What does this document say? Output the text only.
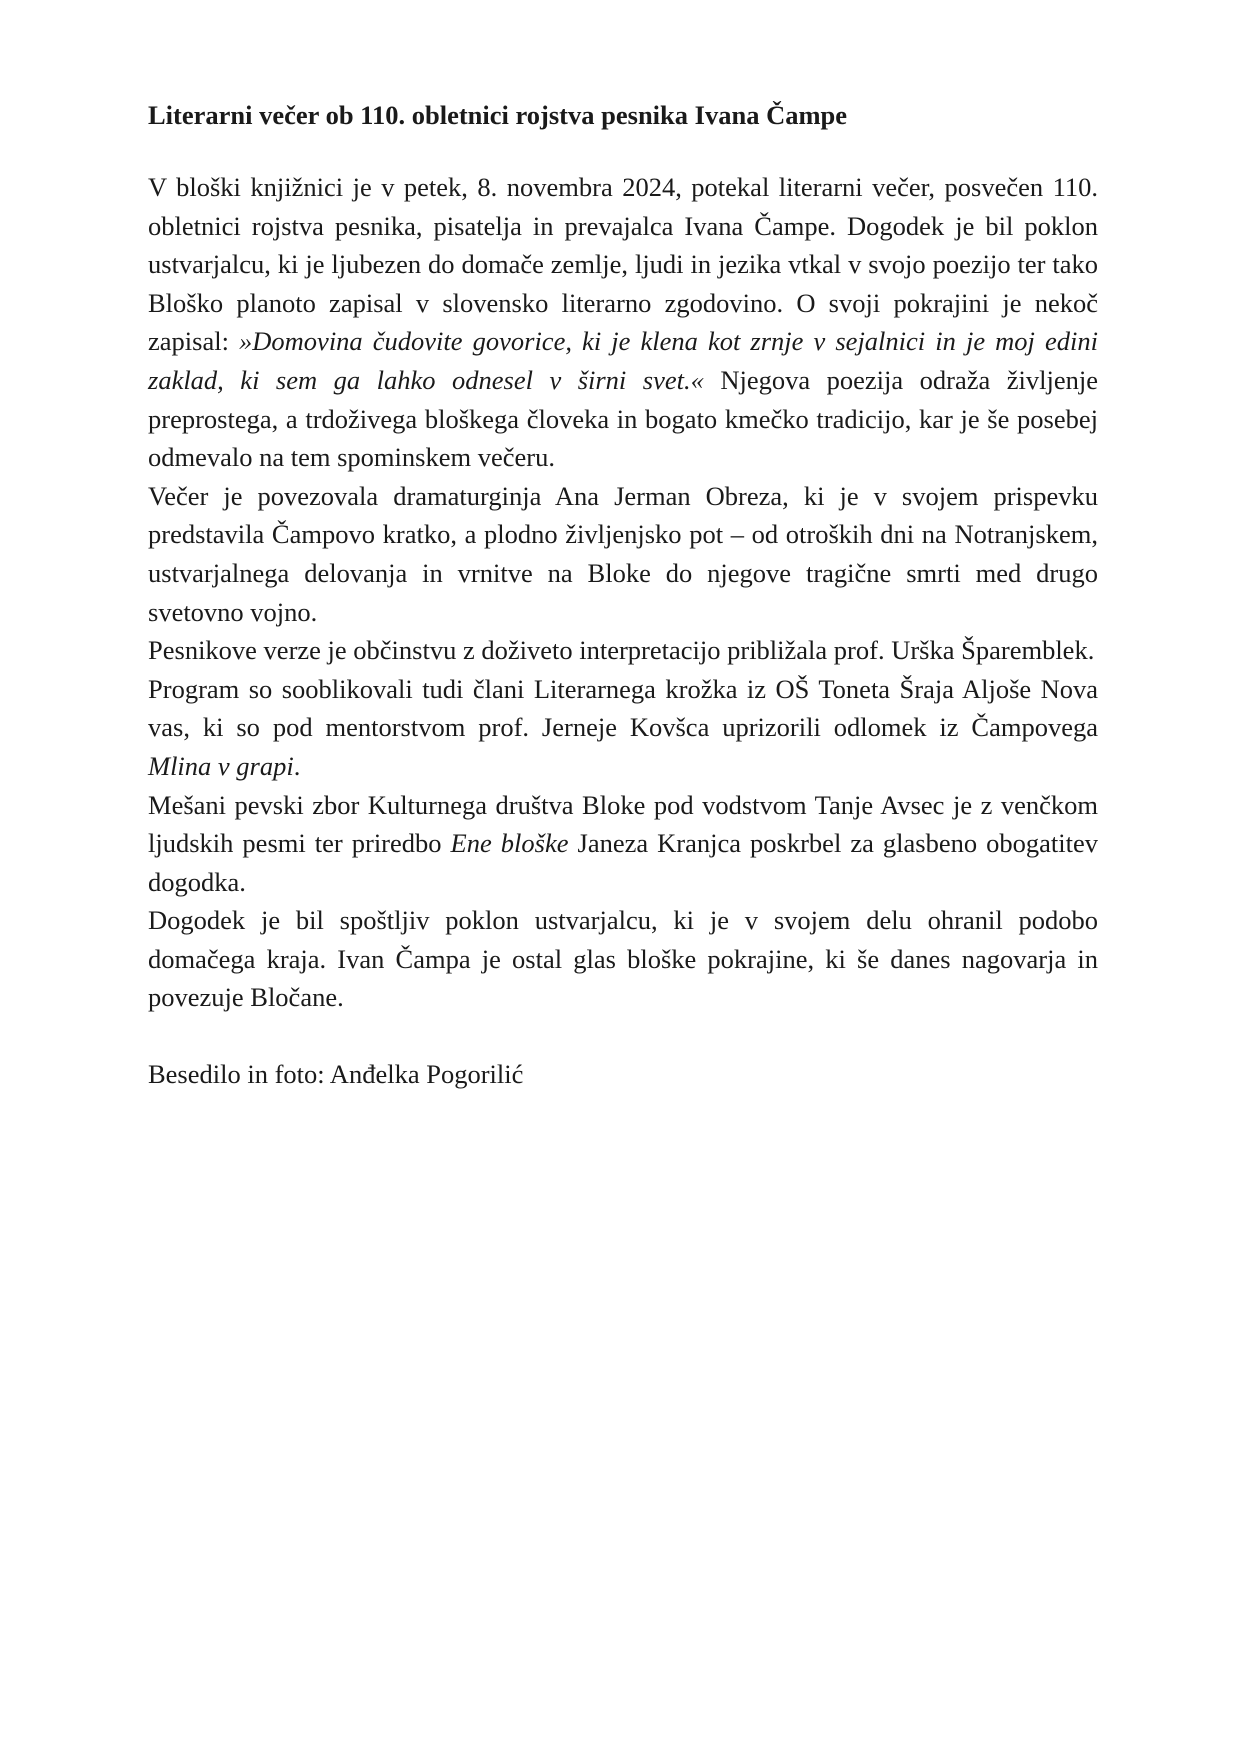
Literarni večer ob 110. obletnici rojstva pesnika Ivana Čampe

V bloški knjižnici je v petek, 8. novembra 2024, potekal literarni večer, posvečen 110. obletnici rojstva pesnika, pisatelja in prevajalca Ivana Čampe. Dogodek je bil poklon ustvarjalcu, ki je ljubezen do domače zemlje, ljudi in jezika vtkal v svojo poezijo ter tako Bloško planoto zapisal v slovensko literarno zgodovino. O svoji pokrajini je nekoč zapisal: »Domovina čudovite govorice, ki je klena kot zrnje v sejalnici in je moj edini zaklad, ki sem ga lahko odnesel v širni svet.« Njegova poezija odraža življenje preprostega, a trdoživega bloškega človeka in bogato kmečko tradicijo, kar je še posebej odmevalo na tem spominskem večeru.

Večer je povezovala dramaturginja Ana Jerman Obreza, ki je v svojem prispevku predstavila Čampovo kratko, a plodno življenjsko pot – od otroških dni na Notranjskem, ustvarjalnega delovanja in vrnitve na Bloke do njegove tragične smrti med drugo svetovno vojno.

Pesnikove verze je občinstvu z doživeto interpretacijo približala prof. Urška Šparemblek.

Program so sooblikovali tudi člani Literarnega krožka iz OŠ Toneta Šraja Aljoše Nova vas, ki so pod mentorstvom prof. Jerneje Kovšca uprizorili odlomek iz Čampovega Mlina v grapi.

Mešani pevski zbor Kulturnega društva Bloke pod vodstvom Tanje Avsec je z venčkom ljudskih pesmi ter priredbo Ene bloške Janeza Kranjca poskrbel za glasbeno obogatitev dogodka.

Dogodek je bil spoštljiv poklon ustvarjalcu, ki je v svojem delu ohranil podobo domačega kraja. Ivan Čampa je ostal glas bloške pokrajine, ki še danes nagovarja in povezuje Bločane.

Besedilo in foto: Anđelka Pogorilić
